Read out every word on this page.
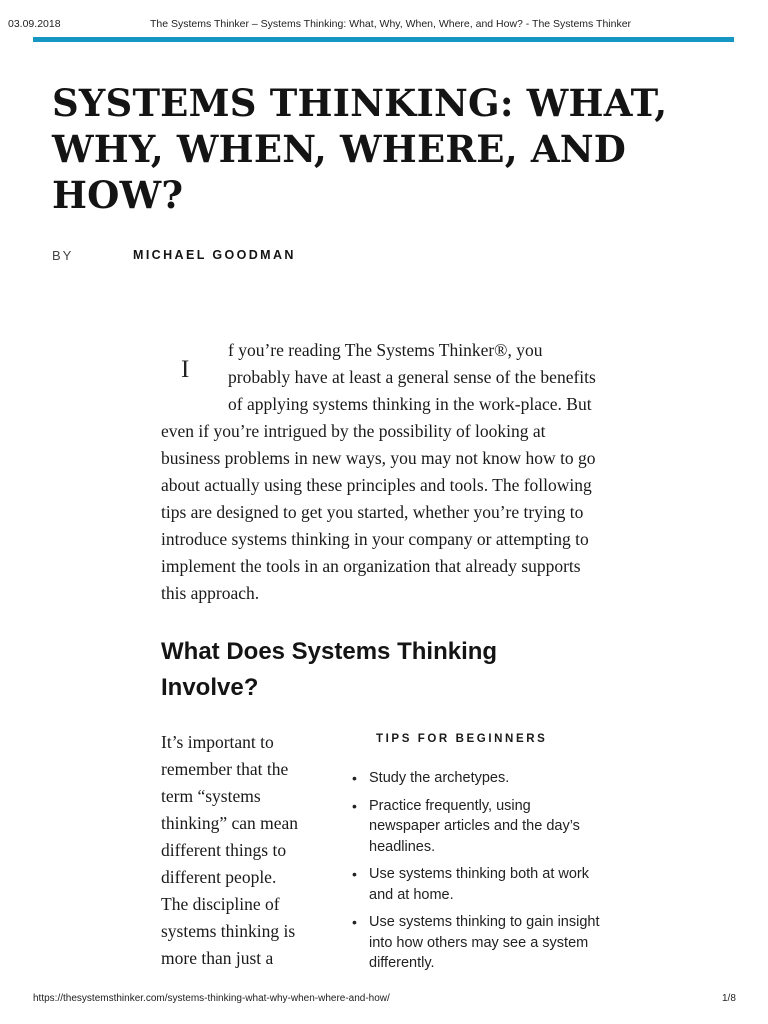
03.09.2018	The Systems Thinker – Systems Thinking: What, Why, When, Where, and How? - The Systems Thinker
SYSTEMS THINKING: WHAT, WHY, WHEN, WHERE, AND HOW?
BY	MICHAEL GOODMAN
I
f you’re reading The Systems Thinker®, you
probably have at least a general sense of the benefits
of applying systems thinking in the work-place. But
even if you’re intrigued by the possibility of looking at
business problems in new ways, you may not know how to go
about actually using these principles and tools. The following
tips are designed to get you started, whether you’re trying to
introduce systems thinking in your company or attempting to
implement the tools in an organization that already supports
this approach.
What Does Systems Thinking Involve?
It’s important to
remember that the
term “systems
thinking” can mean
different things to
different people.
The discipline of
systems thinking is
more than just a
TIPS FOR BEGINNERS
• Study the archetypes.
• Practice frequently, using newspaper articles and the day’s headlines.
• Use systems thinking both at work and at home.
• Use systems thinking to gain insight into how others may see a system differently.
https://thesystemsthinker.com/systems-thinking-what-why-when-where-and-how/	1/8
